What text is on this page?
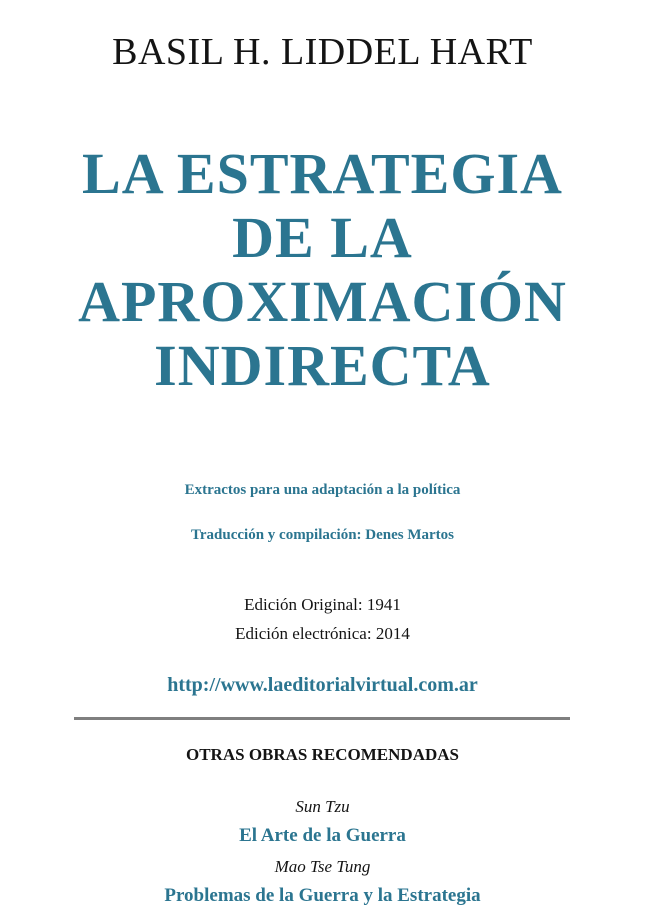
BASIL H. LIDDEL HART
LA ESTRATEGIA
DE LA
APROXIMACIÓN
INDIRECTA
Extractos para una adaptación a la política
Traducción y compilación: Denes Martos
Edición Original: 1941
Edición electrónica: 2014
http://www.laeditorialvirtual.com.ar
OTRAS OBRAS RECOMENDADAS
Sun Tzu
El Arte de la Guerra
Mao Tse Tung
Problemas de la Guerra y la Estrategia
